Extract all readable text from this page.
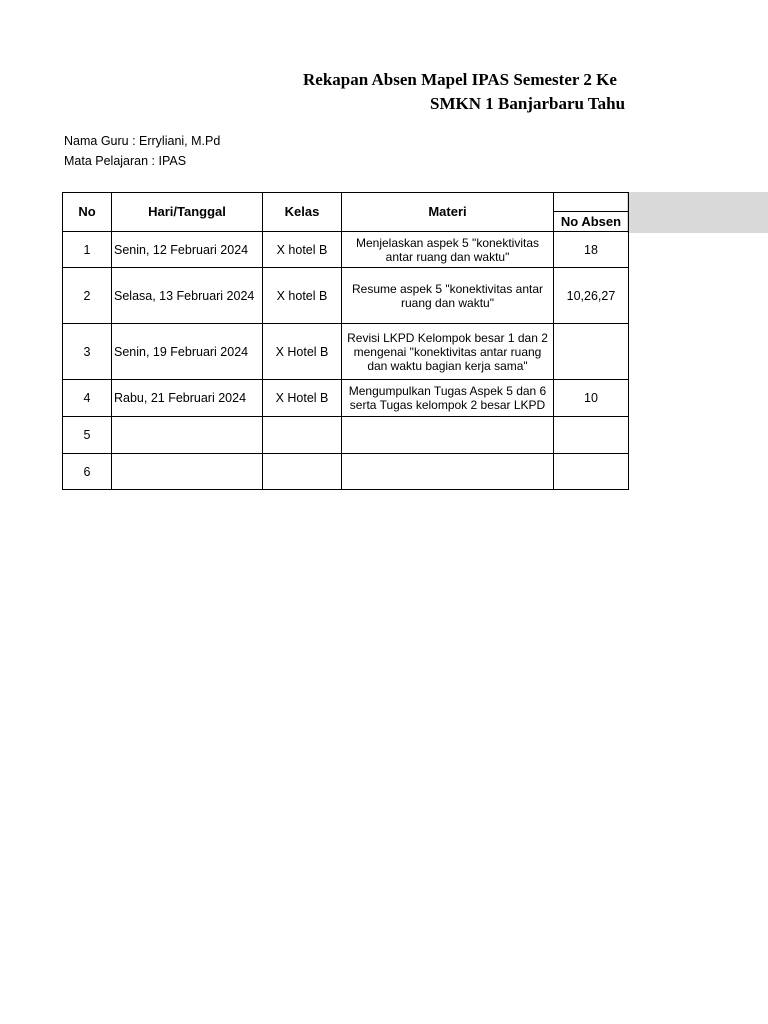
Rekapan Absen Mapel IPAS Semester 2 Ke
SMKN 1 Banjarbaru Tahu
Nama Guru : Erryliani, M.Pd
Mata Pelajaran : IPAS
No	Hari/Tanggal	Kelas	Materi	
				No Absen
1	Senin, 12 Februari 2024	X hotel B	Menjelaskan aspek 5 "konektivitas antar ruang dan waktu"	18
2	Selasa, 13 Februari 2024	X hotel B	Resume aspek 5 "konektivitas antar ruang dan waktu"	10,26,27
3	Senin, 19 Februari 2024	X Hotel B	Revisi LKPD Kelompok besar 1 dan 2 mengenai "konektivitas antar ruang dan waktu bagian kerja sama"	
4	Rabu, 21 Februari 2024	X Hotel B	Mengumpulkan Tugas Aspek 5 dan 6 serta Tugas kelompok 2 besar LKPD	10
5				
6				
